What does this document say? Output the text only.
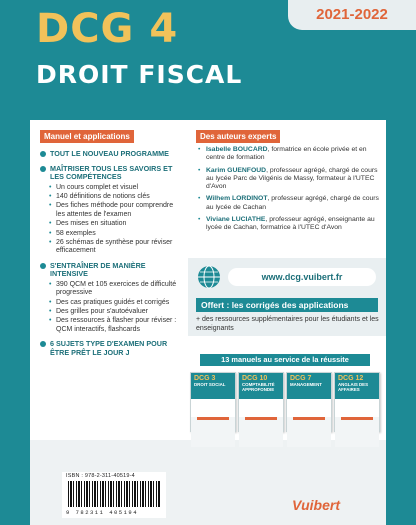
2021-2022
DCG 4
DROIT FISCAL
Manuel et applications
TOUT LE NOUVEAU PROGRAMME
MAÎTRISER TOUS LES SAVOIRS ET LES COMPÉTENCES
• Un cours complet et visuel
• 140 définitions de notions clés
• Des fiches méthode pour comprendre les attentes de l'examen
• Des mises en situation
• 58 exemples
• 26 schémas de synthèse pour réviser efficacement
S'ENTRAÎNER DE MANIÈRE INTENSIVE
• 390 QCM et 105 exercices de difficulté progressive
• Des cas pratiques guidés et corrigés
• Des grilles pour s'autoévaluer
• Des ressources à flasher pour réviser : QCM interactifs, flashcards
6 SUJETS TYPE D'EXAMEN POUR ÊTRE PRÊT LE JOUR J
Des auteurs experts
• Isabelle BOUCARD, formatrice en école privée et en centre de formation
• Karim GUENFOUD, professeur agrégé, chargé de cours au lycée Parc de Vilgénis de Massy, formateur à l'UTEC d'Avon
• Wilhem LORDINOT, professeur agrégé, chargé de cours au lycée de Cachan
• Viviane LUCIATHE, professeur agrégé, enseignante au lycée de Cachan, formatrice à l'UTEC d'Avon
www.dcg.vuibert.fr
Offert : les corrigés des applications
+ des ressources supplémentaires pour les étudiants et les enseignants
13 manuels au service de la réussite
DCG 3
DROIT SOCIAL
DCG 10
COMPTABILITÉ APPROFONDIE
DCG 7
MANAGEMENT
DCG 12
ANGLAIS DES AFFAIRES
ISBN : 978-2-311-40519-4
9 782311 405194	Vuibert
